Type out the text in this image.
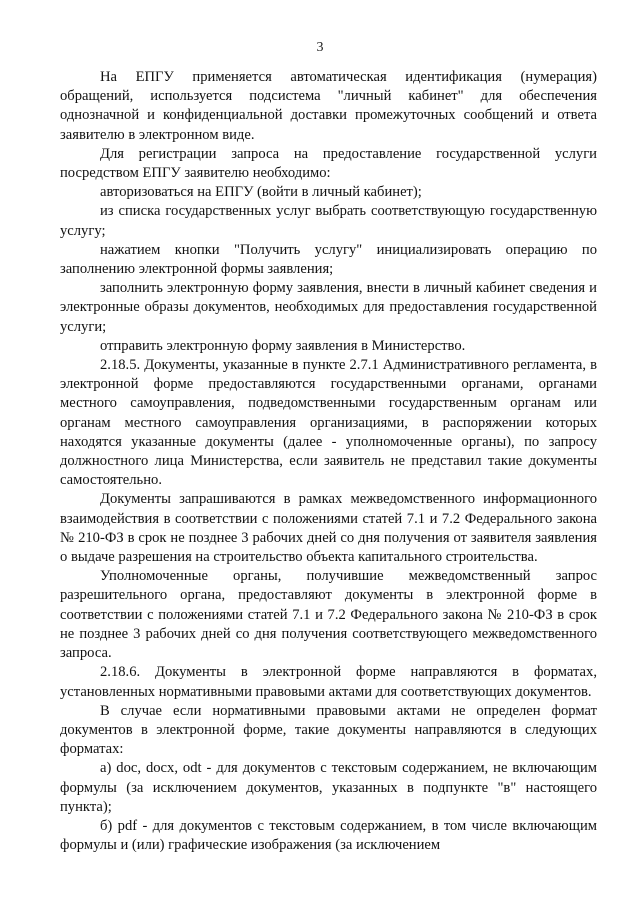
3

На ЕПГУ применяется автоматическая идентификация (нумерация) обращений, используется подсистема "личный кабинет" для обеспечения однозначной и конфиденциальной доставки промежуточных сообщений и ответа заявителю в электронном виде.

Для регистрации запроса на предоставление государственной услуги посредством ЕПГУ заявителю необходимо:

авторизоваться на ЕПГУ (войти в личный кабинет);

из списка государственных услуг выбрать соответствующую государственную услугу;

нажатием кнопки "Получить услугу" инициализировать операцию по заполнению электронной формы заявления;

заполнить электронную форму заявления, внести в личный кабинет сведения и электронные образы документов, необходимых для предоставления государственной услуги;

отправить электронную форму заявления в Министерство.

2.18.5. Документы, указанные в пункте 2.7.1 Административного регламента, в электронной форме предоставляются государственными органами, органами местного самоуправления, подведомственными государственным органам или органам местного самоуправления организациями, в распоряжении которых находятся указанные документы (далее - уполномоченные органы), по запросу должностного лица Министерства, если заявитель не представил такие документы самостоятельно.

Документы запрашиваются в рамках межведомственного информационного взаимодействия в соответствии с положениями статей 7.1 и 7.2 Федерального закона № 210-ФЗ в срок не позднее 3 рабочих дней со дня получения от заявителя заявления о выдаче разрешения на строительство объекта капитального строительства.

Уполномоченные органы, получившие межведомственный запрос разрешительного органа, предоставляют документы в электронной форме в соответствии с положениями статей 7.1 и 7.2 Федерального закона № 210-ФЗ в срок не позднее 3 рабочих дней со дня получения соответствующего межведомственного запроса.

2.18.6. Документы в электронной форме направляются в форматах, установленных нормативными правовыми актами для соответствующих документов.

В случае если нормативными правовыми актами не определен формат документов в электронной форме, такие документы направляются в следующих форматах:

а) doc, docx, odt - для документов с текстовым содержанием, не включающим формулы (за исключением документов, указанных в подпункте "в" настоящего пункта);

б) pdf - для документов с текстовым содержанием, в том числе включающим формулы и (или) графические изображения (за исключением
